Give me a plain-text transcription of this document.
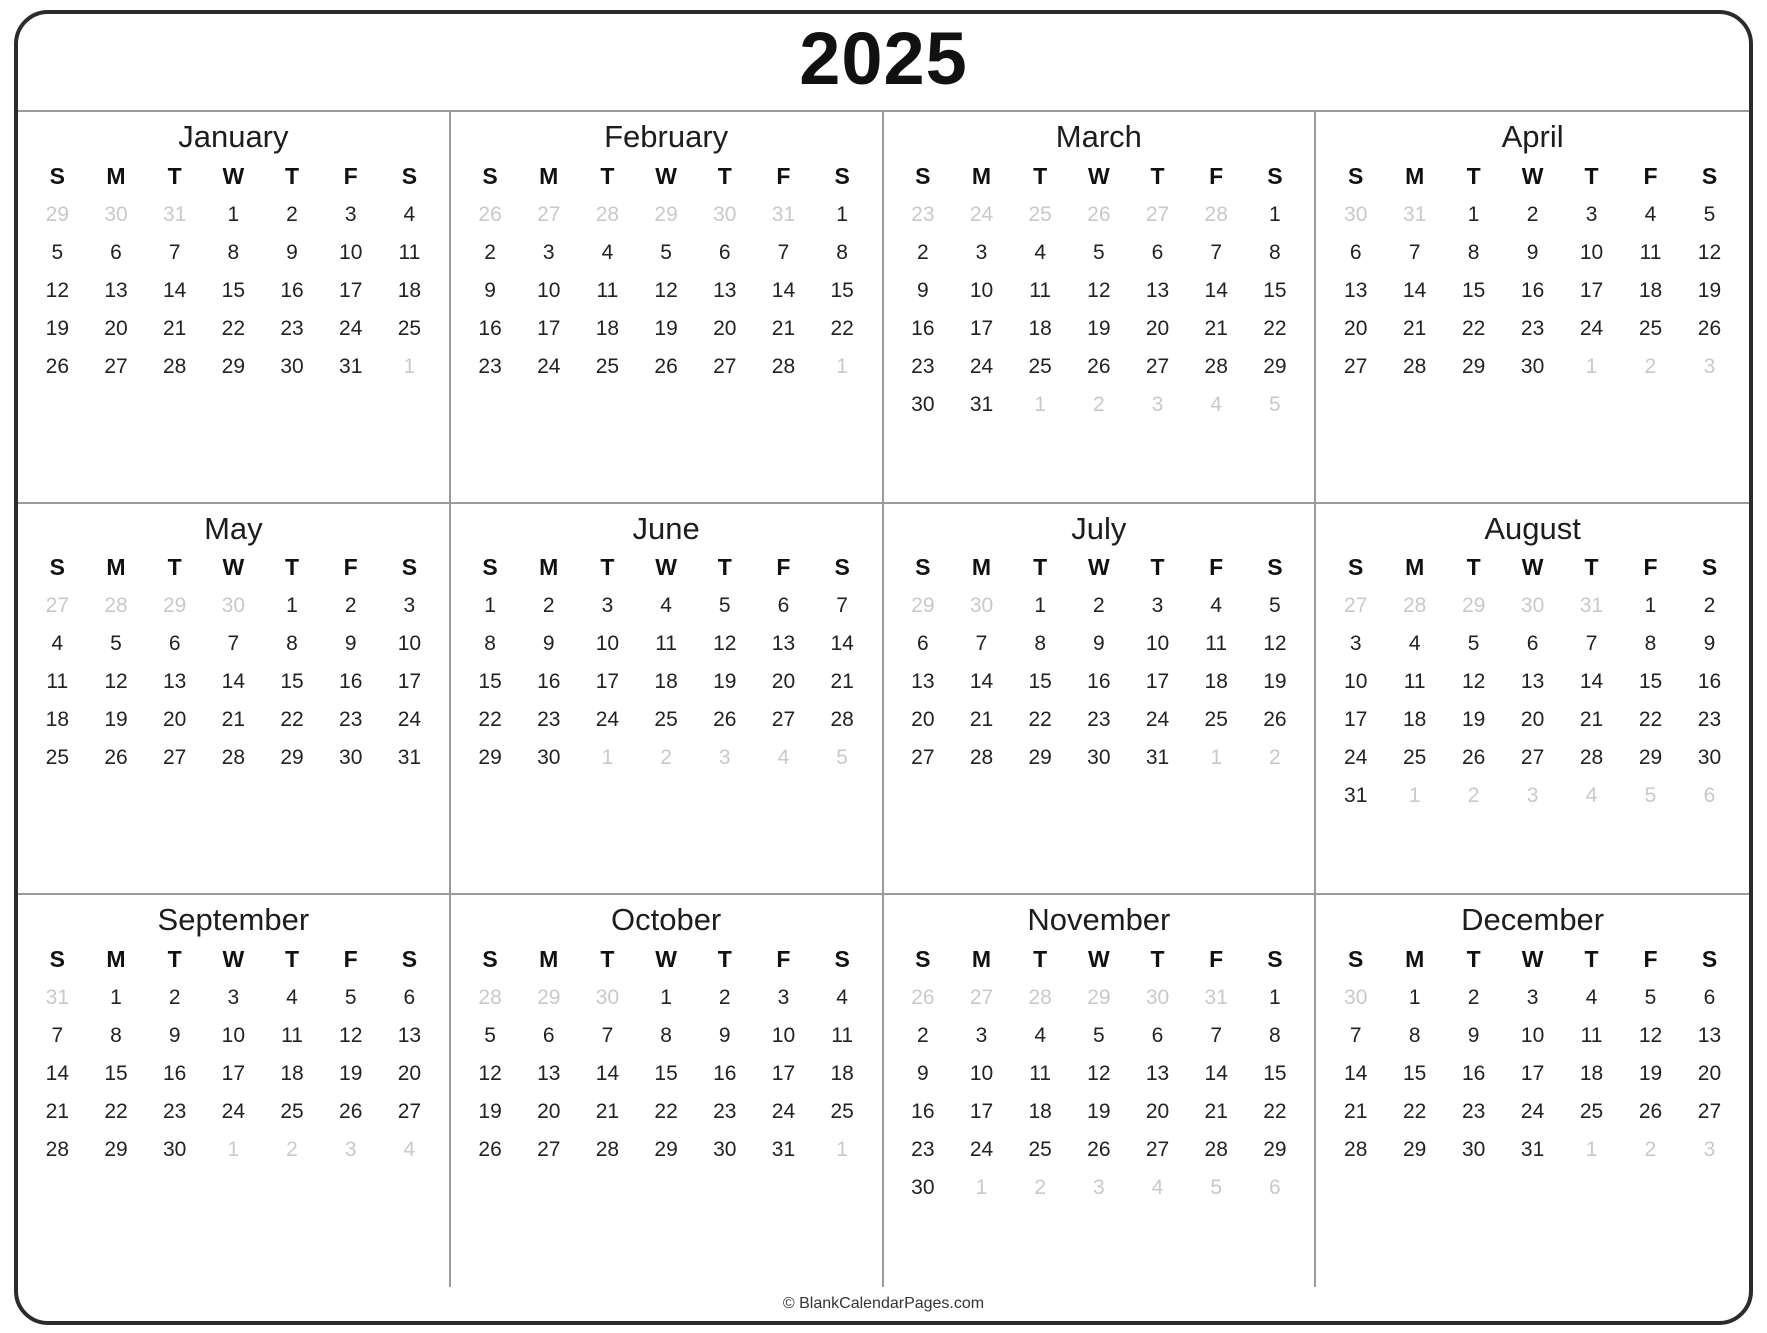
2025
January
S	M	T	W	T	F	S
29	30	31	1	2	3	4
5	6	7	8	9	10	11
12	13	14	15	16	17	18
19	20	21	22	23	24	25
26	27	28	29	30	31	1
February
S	M	T	W	T	F	S
26	27	28	29	30	31	1
2	3	4	5	6	7	8
9	10	11	12	13	14	15
16	17	18	19	20	21	22
23	24	25	26	27	28	1
March
S	M	T	W	T	F	S
23	24	25	26	27	28	1
2	3	4	5	6	7	8
9	10	11	12	13	14	15
16	17	18	19	20	21	22
23	24	25	26	27	28	29
30	31	1	2	3	4	5
April
S	M	T	W	T	F	S
30	31	1	2	3	4	5
6	7	8	9	10	11	12
13	14	15	16	17	18	19
20	21	22	23	24	25	26
27	28	29	30	1	2	3
May
S	M	T	W	T	F	S
27	28	29	30	1	2	3
4	5	6	7	8	9	10
11	12	13	14	15	16	17
18	19	20	21	22	23	24
25	26	27	28	29	30	31
June
S	M	T	W	T	F	S
1	2	3	4	5	6	7
8	9	10	11	12	13	14
15	16	17	18	19	20	21
22	23	24	25	26	27	28
29	30	1	2	3	4	5
July
S	M	T	W	T	F	S
29	30	1	2	3	4	5
6	7	8	9	10	11	12
13	14	15	16	17	18	19
20	21	22	23	24	25	26
27	28	29	30	31	1	2
August
S	M	T	W	T	F	S
27	28	29	30	31	1	2
3	4	5	6	7	8	9
10	11	12	13	14	15	16
17	18	19	20	21	22	23
24	25	26	27	28	29	30
31	1	2	3	4	5	6
September
S	M	T	W	T	F	S
31	1	2	3	4	5	6
7	8	9	10	11	12	13
14	15	16	17	18	19	20
21	22	23	24	25	26	27
28	29	30	1	2	3	4
October
S	M	T	W	T	F	S
28	29	30	1	2	3	4
5	6	7	8	9	10	11
12	13	14	15	16	17	18
19	20	21	22	23	24	25
26	27	28	29	30	31	1
November
S	M	T	W	T	F	S
26	27	28	29	30	31	1
2	3	4	5	6	7	8
9	10	11	12	13	14	15
16	17	18	19	20	21	22
23	24	25	26	27	28	29
30	1	2	3	4	5	6
December
S	M	T	W	T	F	S
30	1	2	3	4	5	6
7	8	9	10	11	12	13
14	15	16	17	18	19	20
21	22	23	24	25	26	27
28	29	30	31	1	2	3
© BlankCalendarPages.com
